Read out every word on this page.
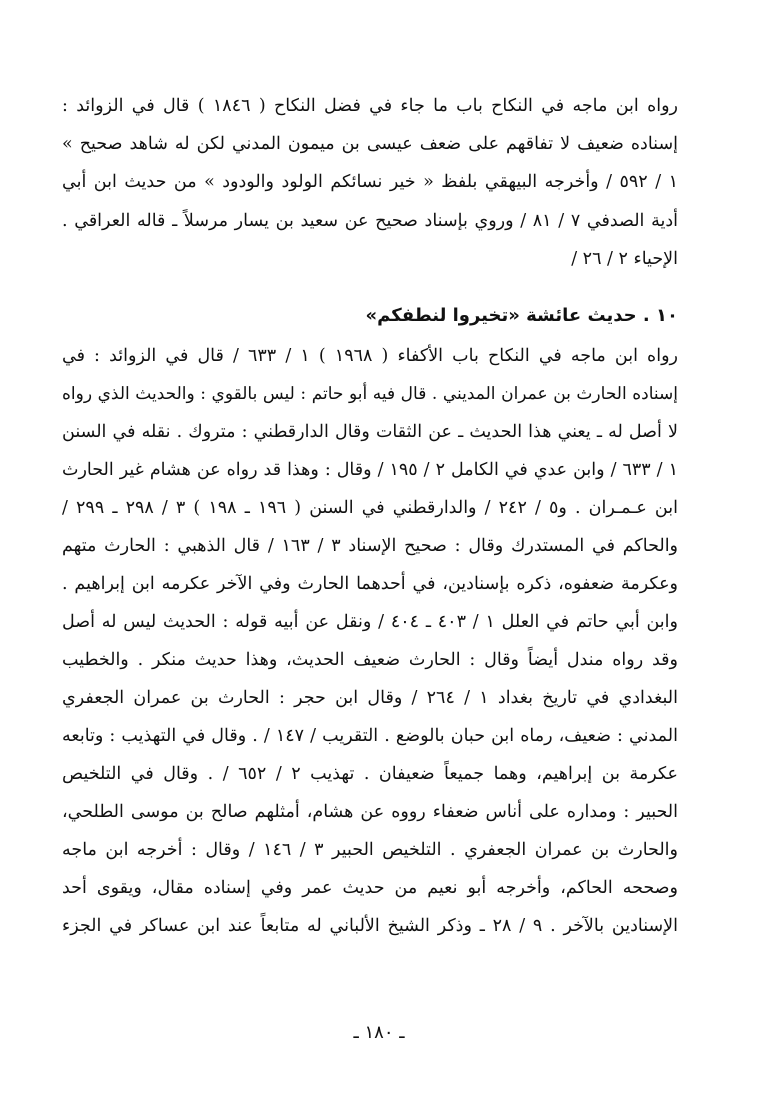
رواه ابن ماجه في النكاح باب ما جاء في فضل النكاح ( ١٨٤٦ ) قال في الزوائد :
إسناده ضعيف لا تفاقهم على ضعف عيسى بن ميمون المدني لكن له شاهد صحيح »
١ / ٥٩٢ / وأخرجه البيهقي بلفظ « خير نسائكم الولود والودود » من حديث ابن أبي
أدية الصدفي ٧ / ٨١ / وروي بإسناد صحيح عن سعيد بن يسار مرسلاً ـ قاله العراقي .
الإحياء ٢ / ٢٦ /
١٠ . حديث عائشة «تخيروا لنطفكم»
رواه ابن ماجه في النكاح باب الأكفاء ( ١٩٦٨ ) ١ / ٦٣٣ / قال في الزوائد : في
إسناده الحارث بن عمران المديني . قال فيه أبو حاتم : ليس بالقوي : والحديث الذي رواه
لا أصل له ـ يعني هذا الحديث ـ عن الثقات وقال الدارقطني : متروك . نقله في السنن
١ / ٦٣٣ / وابن عدي في الكامل ٢ / ١٩٥ / وقال : وهذا قد رواه عن هشام غير الحارث
ابن عـمـران . و٥ / ٢٤٢ / والدارقطني في السنن ( ١٩٦ ـ ١٩٨ ) ٣ / ٢٩٨ ـ ٢٩٩ /
والحاكم في المستدرك وقال : صحيح الإسناد ٣ / ١٦٣ / قال الذهبي : الحارث متهم
وعكرمة ضعفوه، ذكره بإسنادين، في أحدهما الحارث وفي الآخر عكرمه ابن إبراهيم .
وابن أبي حاتم في العلل ١ / ٤٠٣ ـ ٤٠٤ / ونقل عن أبيه قوله : الحديث ليس له أصل
وقد رواه مندل أيضاً وقال : الحارث ضعيف الحديث، وهذا حديث منكر . والخطيب
البغدادي في تاريخ بغداد ١ / ٢٦٤ / وقال ابن حجر : الحارث بن عمران الجعفري
المدني : ضعيف، رماه ابن حبان بالوضع . التقريب / ١٤٧ / . وقال في التهذيب : وتابعه
عكرمة بن إبراهيم، وهما جميعاً ضعيفان . تهذيب ٢ / ٦٥٢ / . وقال في التلخيص
الحبير : ومداره على أناس ضعفاء رووه عن هشام، أمثلهم صالح بن موسى الطلحي،
والحارث بن عمران الجعفري . التلخيص الحبير ٣ / ١٤٦ / وقال : أخرجه ابن ماجه
وصححه الحاكم، وأخرجه أبو نعيم من حديث عمر وفي إسناده مقال، ويقوى أحد
الإسنادين بالآخر . ٩ / ٢٨ ـ وذكر الشيخ الألباني له متابعاً عند ابن عساكر في الجزء
ـ ١٨٠ ـ
